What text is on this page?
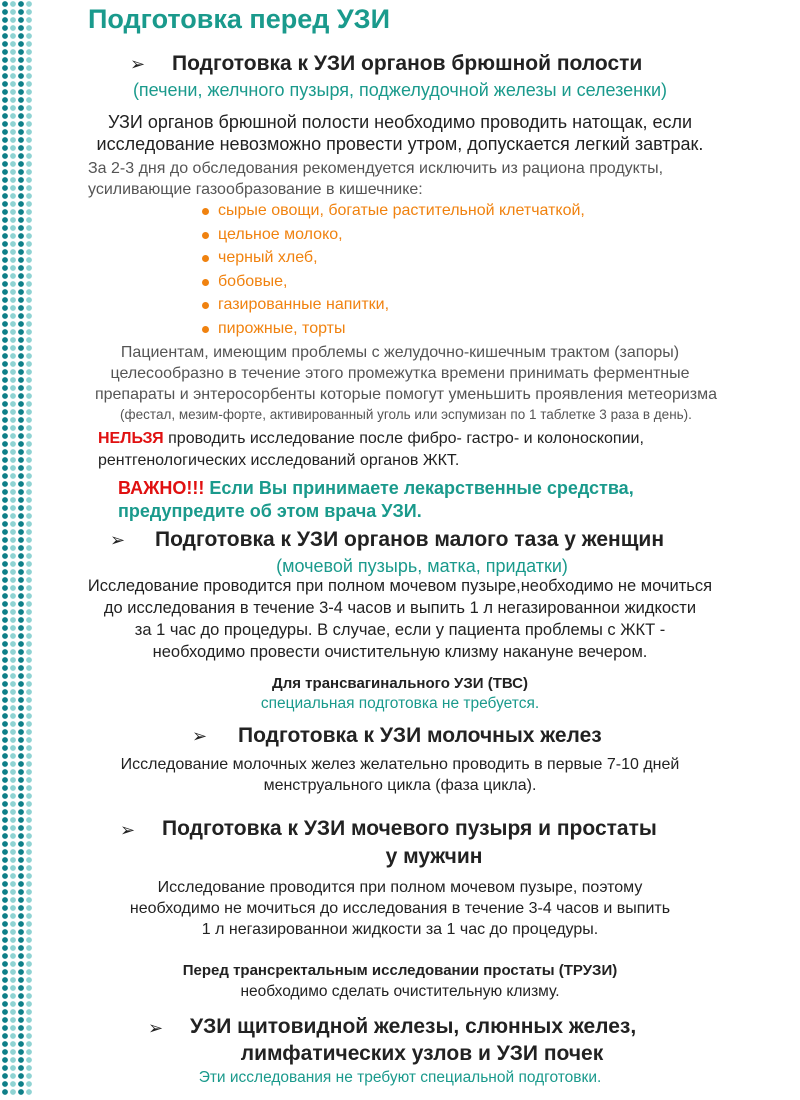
Подготовка перед УЗИ
➢ Подготовка к УЗИ органов брюшной полости
(печени, желчного пузыря, поджелудочной железы и селезенки)
УЗИ органов брюшной полости необходимо проводить натощак, если
исследование невозможно провести утром, допускается легкий завтрак.
За 2-3 дня до обследования рекомендуется исключить из рациона продукты,
усиливающие газообразование в кишечнике:
сырые овощи, богатые растительной клетчаткой,
цельное молоко,
черный хлеб,
бобовые,
газированные напитки,
пирожные, торты
Пациентам, имеющим проблемы с желудочно-кишечным трактом (запоры)
целесообразно в течение этого промежутка времени принимать ферментные
препараты и энтеросорбенты которые помогут уменьшить проявления метеоризма
(фестал, мезим-форте, активированный уголь или эспумизан по 1 таблетке 3 раза в день).
НЕЛЬЗЯ проводить исследование после фибро- гастро- и колоноскопии,
рентгенологических исследований органов ЖКТ.
ВАЖНО!!! Если Вы принимаете лекарственные средства,
предупредите об этом врача УЗИ.
➢ Подготовка к УЗИ органов малого таза у женщин
(мочевой пузырь, матка, придатки)
Исследование проводится при полном мочевом пузыре,необходимо не мочиться
до исследования в течение 3-4 часов и выпить 1 л негазированнои жидкости
за 1 час до процедуры. В случае, если у пациента проблемы с ЖКТ -
необходимо провести очистительную клизму накануне вечером.
Для трансвагинального УЗИ (ТВС)
специальная подготовка не требуется.
➢ Подготовка к УЗИ молочных желез
Исследование молочных желез желательно проводить в первые 7-10 дней
менструального цикла (фаза цикла).
➢ Подготовка к УЗИ мочевого пузыря и простаты
у мужчин
Исследование проводится при полном мочевом пузыре, поэтому
необходимо не мочиться до исследования в течение 3-4 часов и выпить
1 л негазированнои жидкости за 1 час до процедуры.
Перед трансректальным исследовании простаты (ТРУЗИ)
необходимо сделать очистительную клизму.
➢ УЗИ щитовидной железы, слюнных желез,
лимфатических узлов и УЗИ почек
Эти исследования не требуют специальной подготовки.
